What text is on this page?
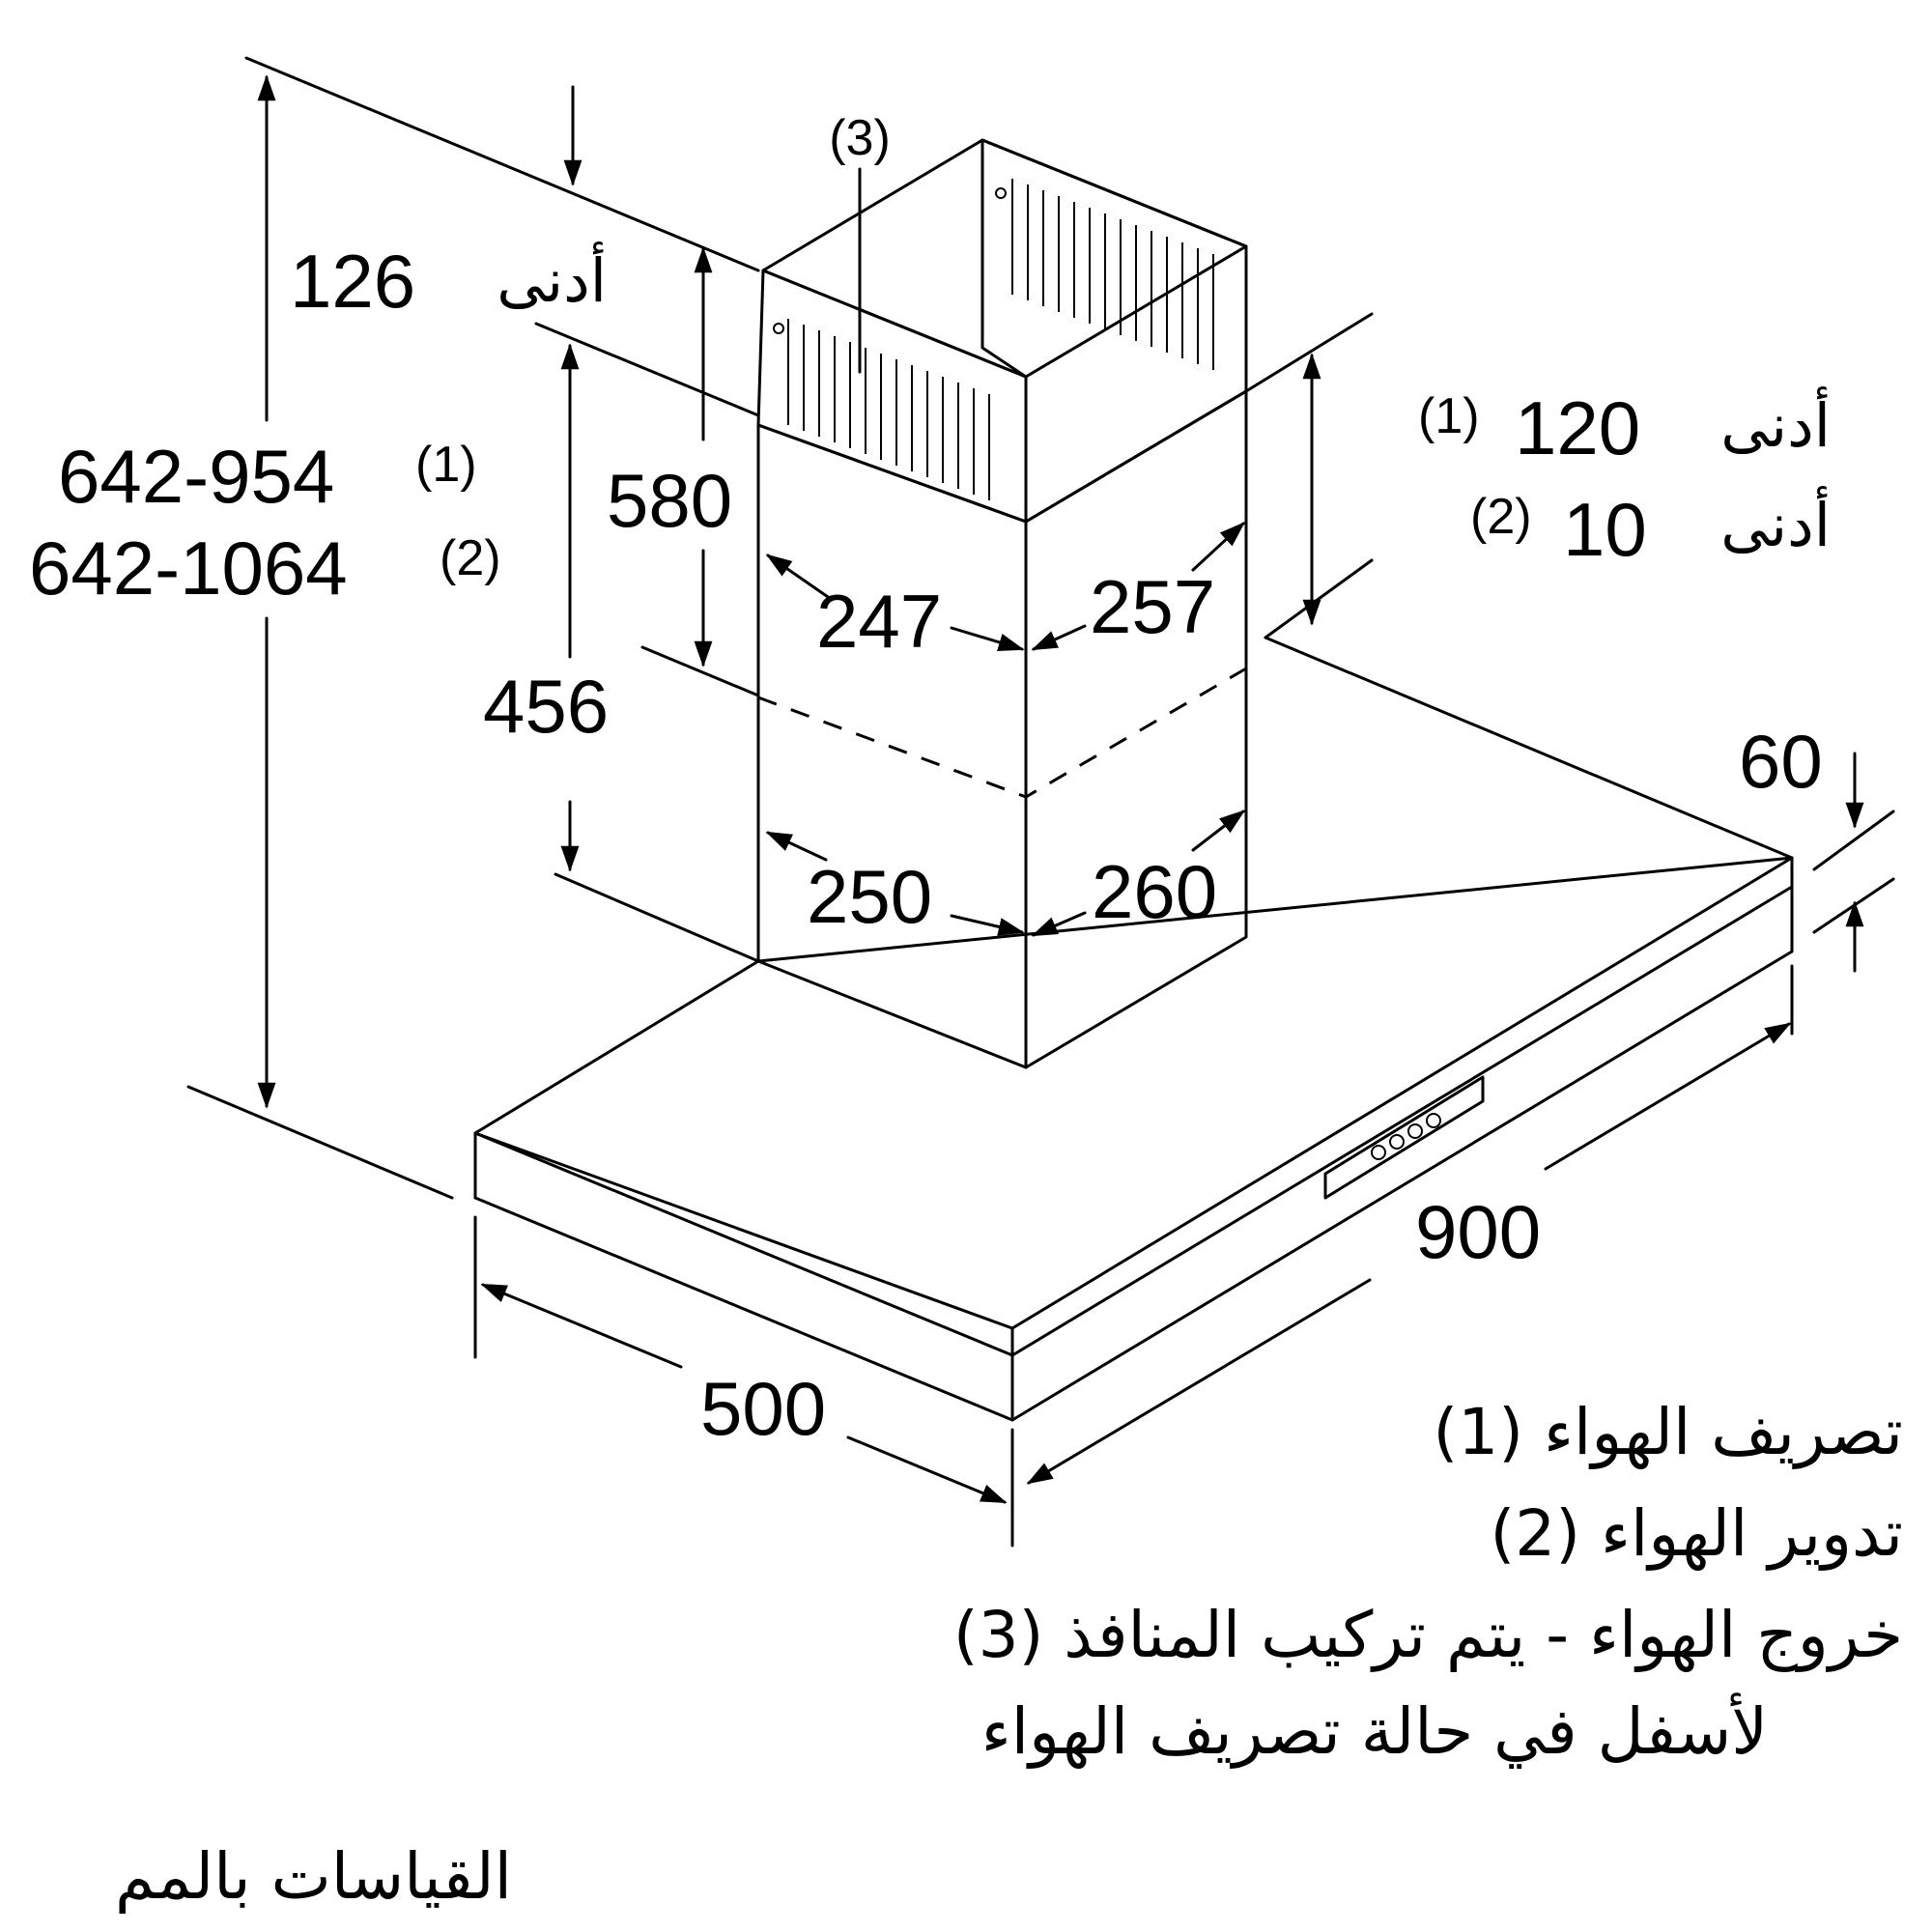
(3)
أدنى
126
642-954 (1)
642-1064 (2)
580
456
247 257
250 260
أدنى
120
(1)
أدنى
10
(2)
60
900
500	(1) تصريف الهواء
(2) تدوير الهواء
(3) خروج الهواء - يتم تركيب المنافذ
لأسفل في حالة تصريف الهواء
القياسات بالمم
